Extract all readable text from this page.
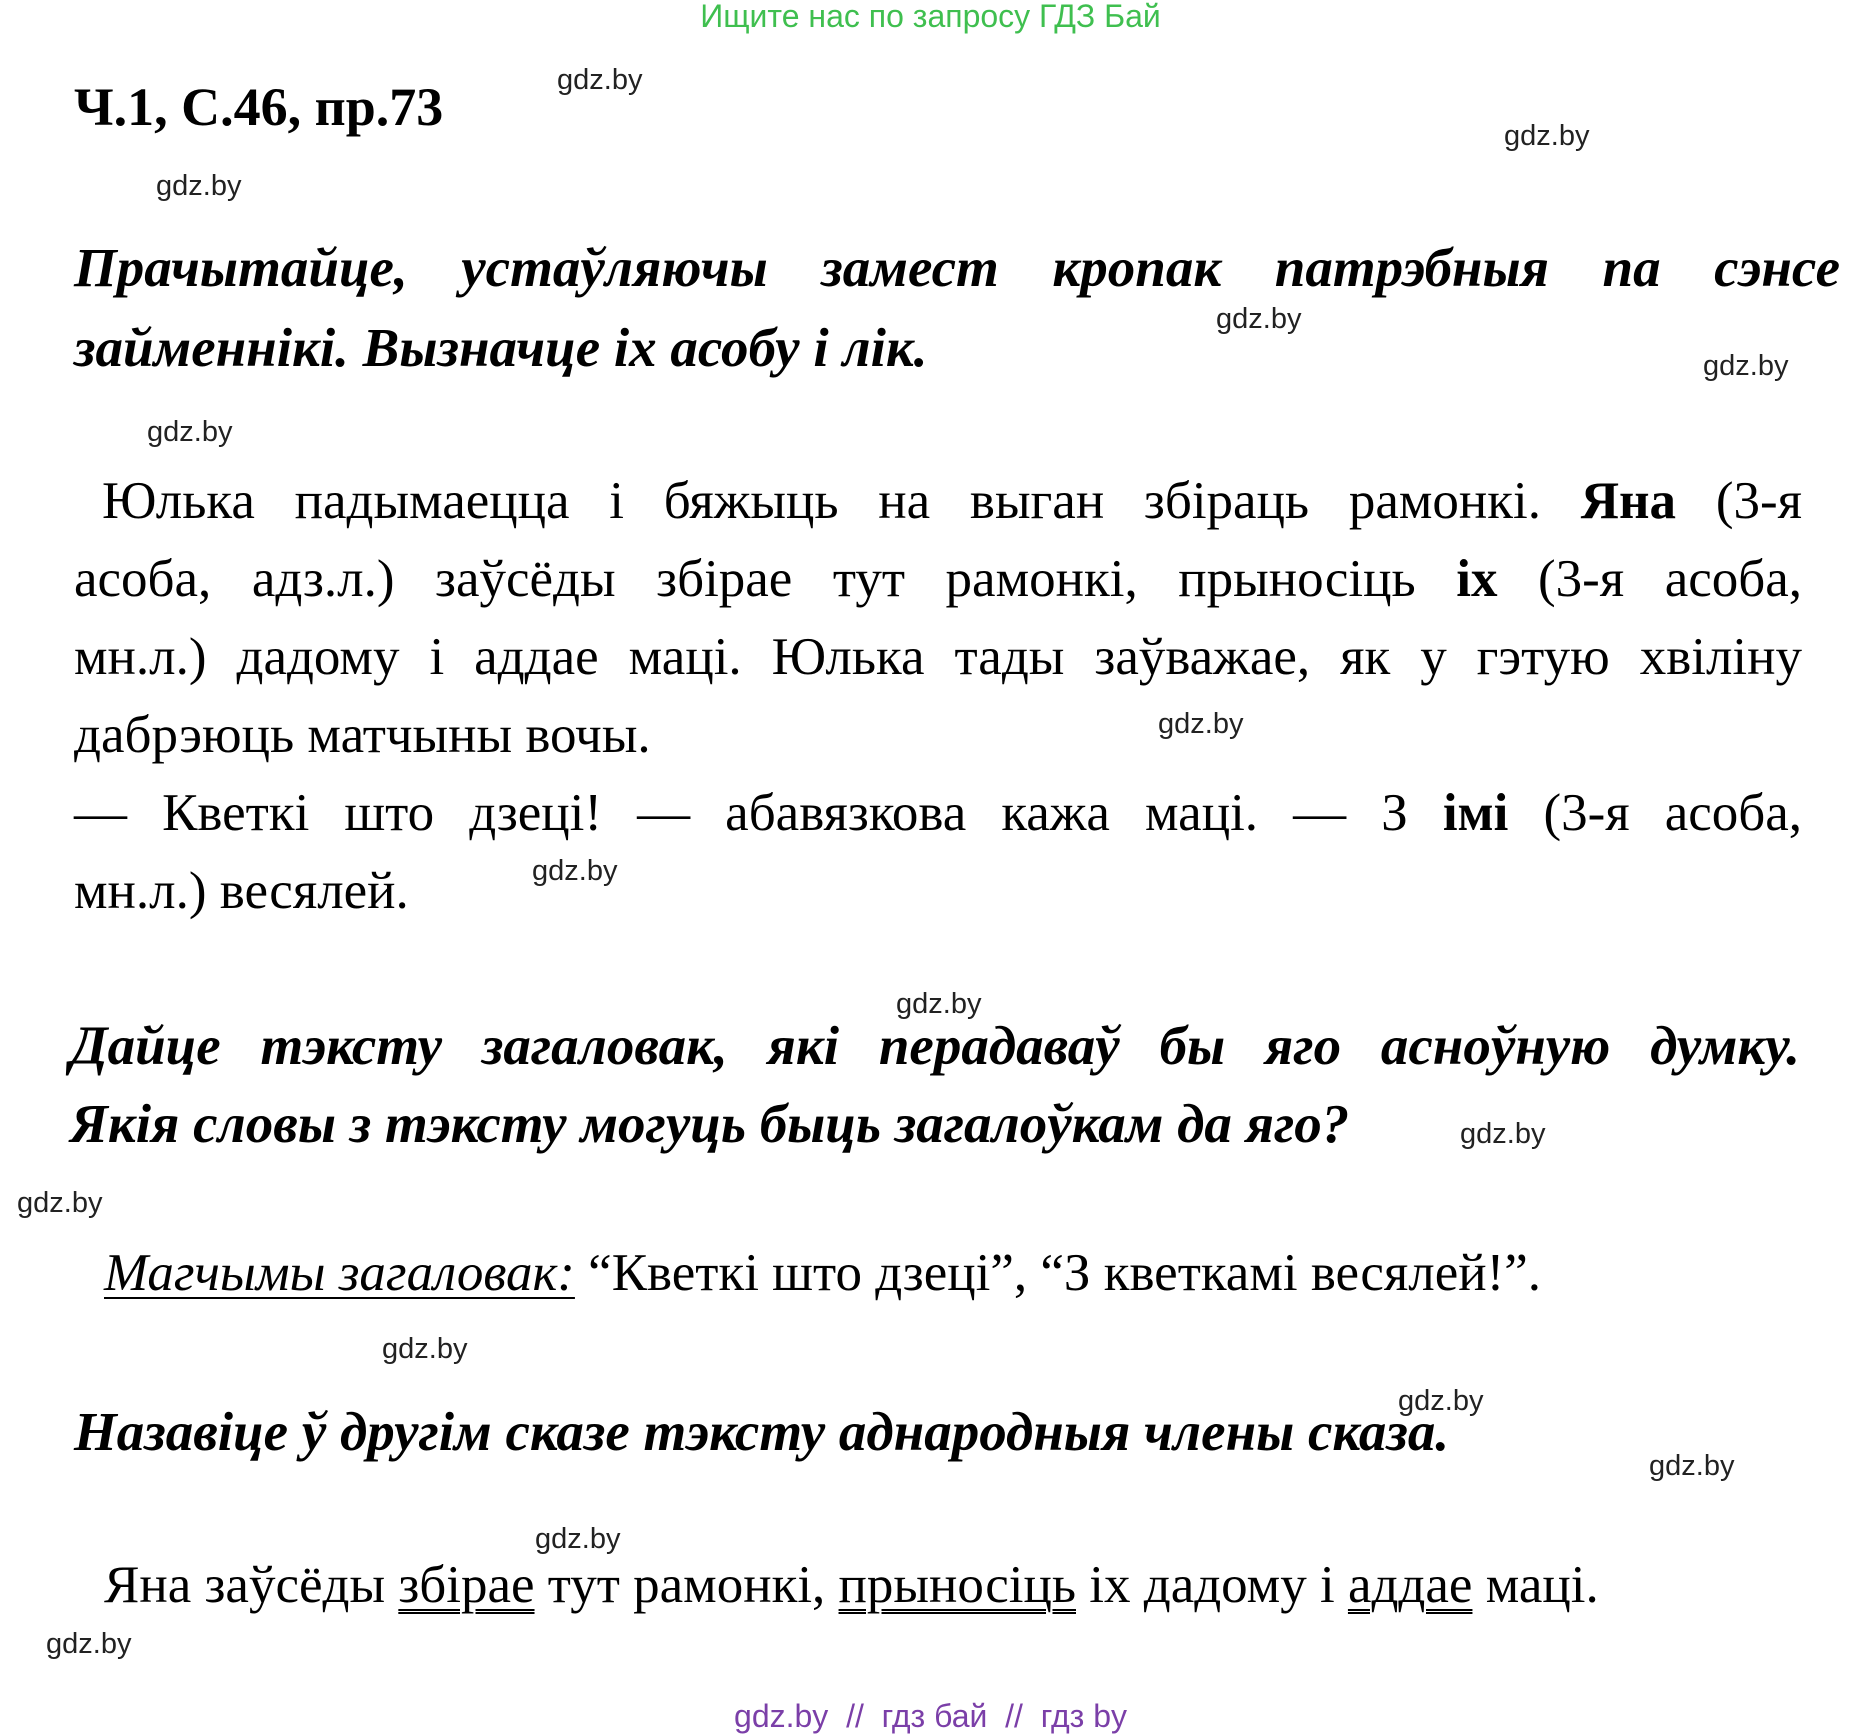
Ищите нас по запросу ГДЗ Бай
Ч.1, С.46, пр.73	gdz.by
gdz.by
gdz.by
gdz.by
gdz.by
gdz.by
gdz.by
gdz.by
gdz.by
gdz.by
gdz.by
gdz.by
gdz.by
gdz.by
gdz.by
gdz.by
Прачытайце, устаўляючы замест кропак патрэбныя па сэнсе
займеннікі. Вызначце іх асобу і лік.
Юлька падымаецца і бяжыць на выган збіраць рамонкі. Яна (3-я
асоба, адз.л.) заўсёды збірае тут рамонкі, прыносіць іх (3-я асоба,
мн.л.) дадому і аддае маці. Юлька тады заўважае, як у гэтую хвіліну
дабрэюць матчыны вочы.
— Кветкі што дзеці! — абавязкова кажа маці. — З імі (3-я асоба,
мн.л.) весялей.
Дайце тэксту загаловак, які перадаваў бы яго асноўную думку.
Якія словы з тэксту могуць быць загалоўкам да яго?
Магчымы загаловак: “Кветкі што дзеці”, “З кветкамі весялей!”.
Назавіце ў другім сказе тэксту аднародныя члены сказа.
Яна заўсёды збірае тут рамонкі, прыносіць іх дадому і аддае маці.
gdz.by  //  гдз бай  //  гдз by
